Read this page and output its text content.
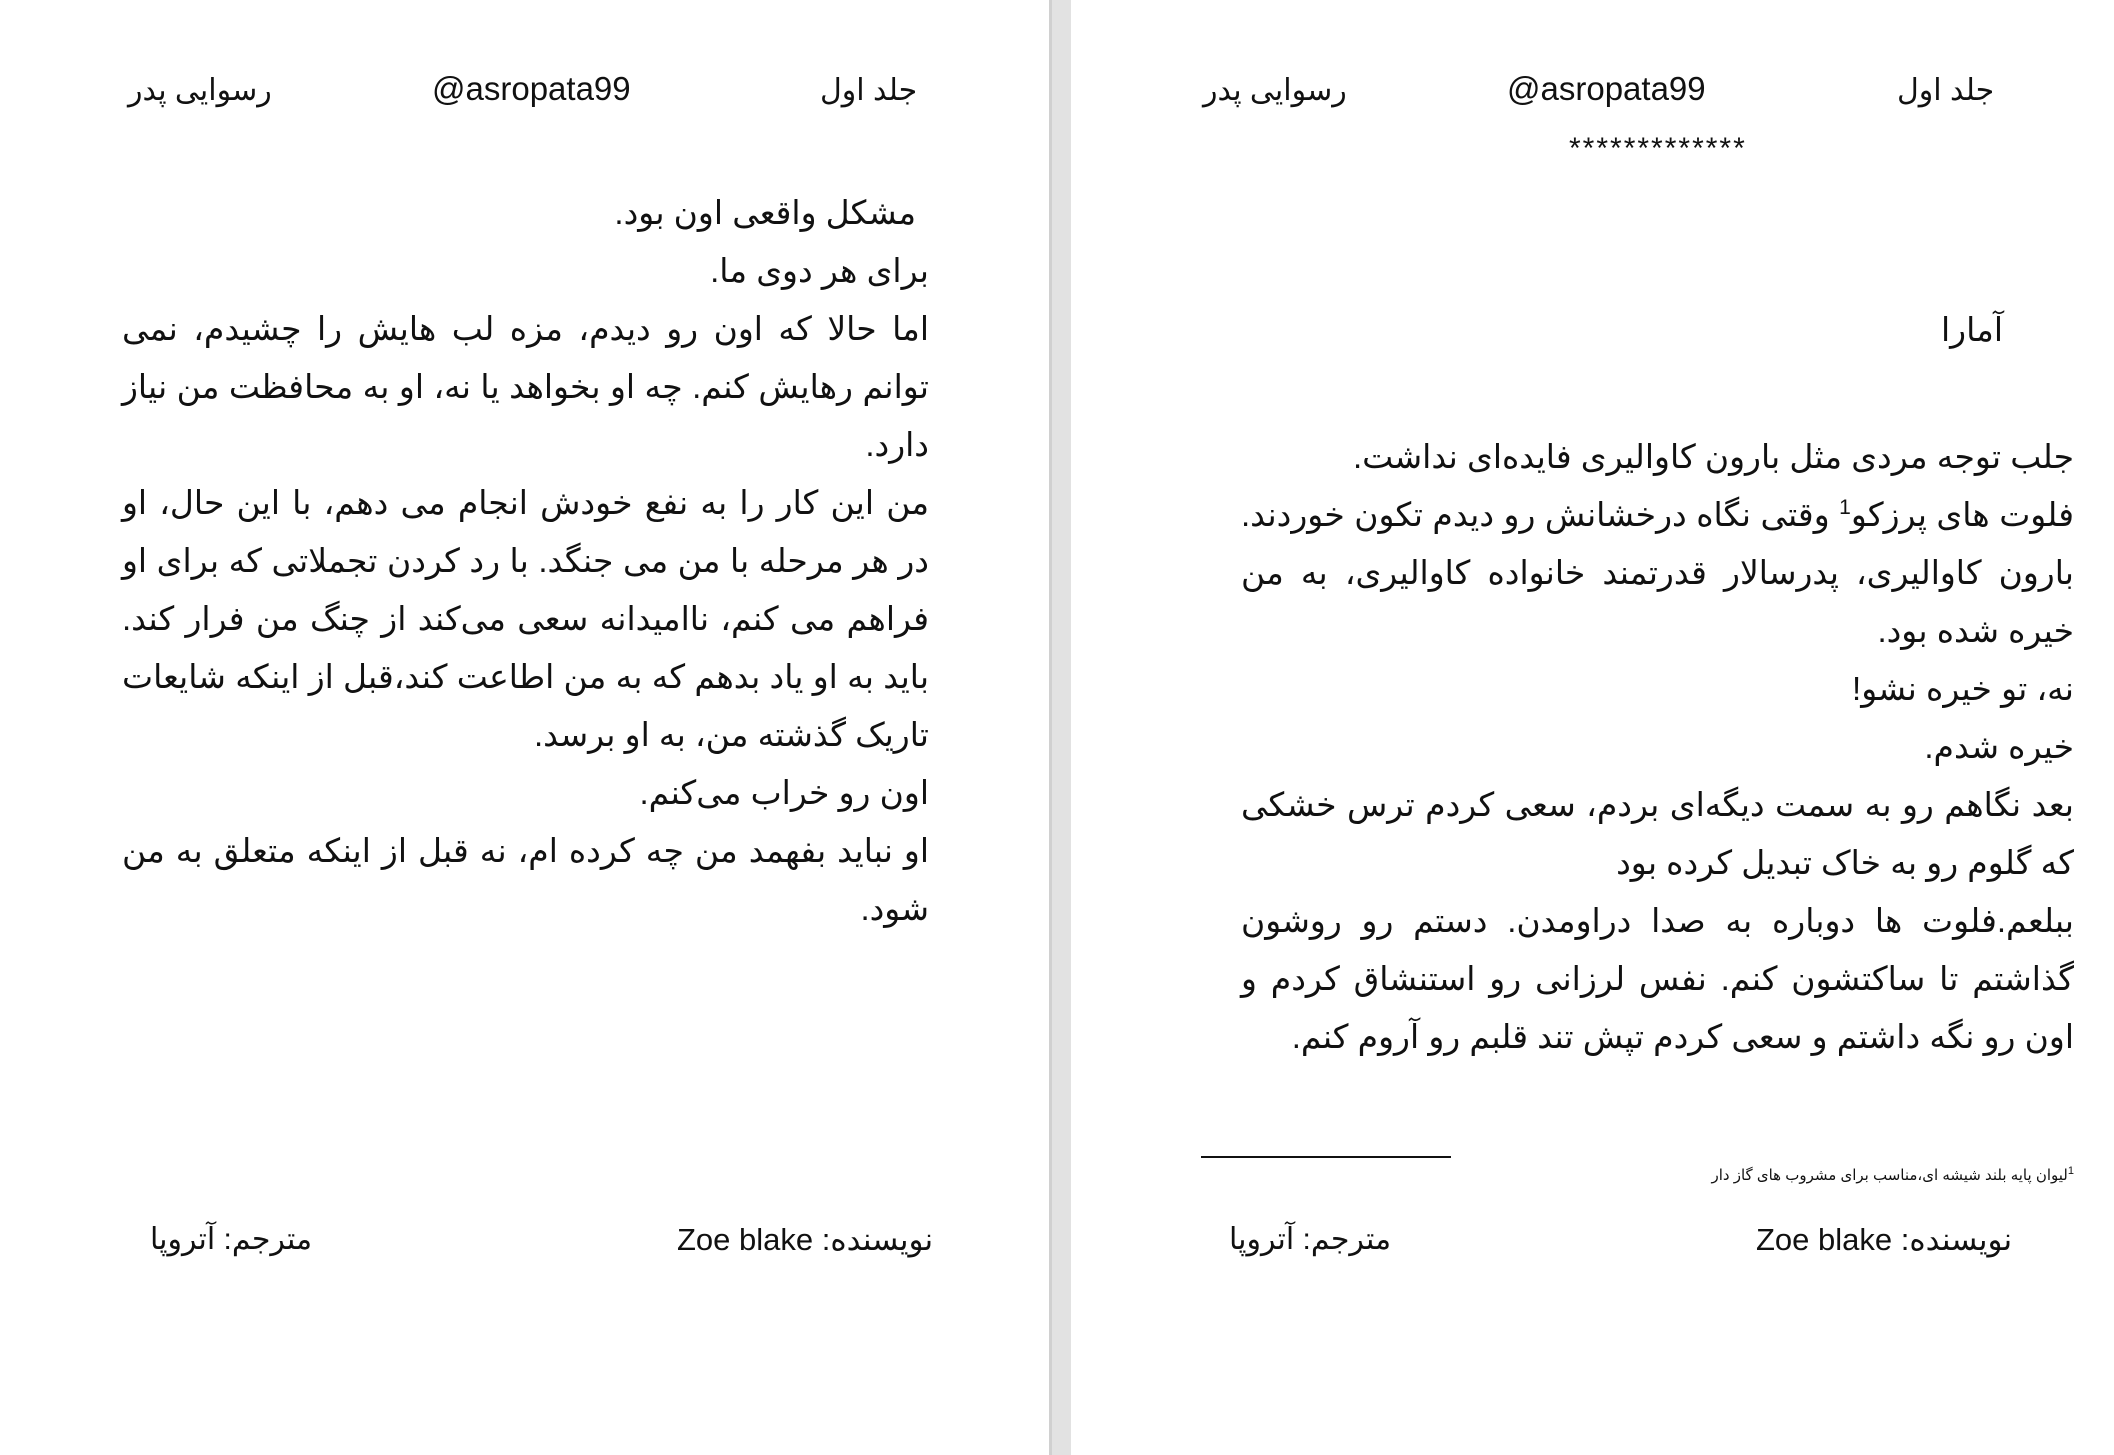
رسوایی پدر	@asropata99	جلد اول

مشکل واقعی اون بود.

برای هر دوی ما.

اما حالا که اون رو دیدم، مزه لب هایش را چشیدم، نمی توانم رهایش کنم. چه او بخواهد یا نه، او به محافظت من نیاز دارد.

من این کار را به نفع خودش انجام می دهم، با این حال، او در هر مرحله با من می جنگد. با رد کردن تجملاتی که برای او فراهم می کنم، ناامیدانه سعی می‌کند از چنگ من فرار کند. باید به او یاد بدهم که به من اطاعت کند،قبل از اینکه شایعات تاریک گذشته من، به او برسد.

اون رو خراب می‌کنم.

او نباید بفهمد من چه کرده ام، نه قبل از اینکه متعلق به من شود.

مترجم: آتروپا	نویسنده: Zoe blake
رسوایی پدر	@asropata99	جلد اول
*************
آمارا

جلب توجه مردی مثل بارون کاوالیری فایده‌ای نداشت.

فلوت های پرزکو$^1$ وقتی نگاه درخشانش رو دیدم تکون خوردند. بارون کاوالیری، پدرسالار قدرتمند خانواده کاوالیری، به من خیره شده بود.

نه، تو خیره نشو!

خیره شدم.

بعد نگاهم رو به سمت دیگه‌ای بردم، سعی کردم ترس خشکی که گلوم رو به خاک تبدیل کرده بود

ببلعم.فلوت ها دوباره به صدا دراومدن. دستم رو روشون گذاشتم تا ساکتشون کنم. نفس لرزانی رو استنشاق کردم و اون رو نگه داشتم و سعی کردم تپش تند قلبم رو آروم کنم.

$^1$لیوان پایه بلند شیشه ای،مناسب برای مشروب های گاز دار
مترجم: آتروپا	نویسنده: Zoe blake
